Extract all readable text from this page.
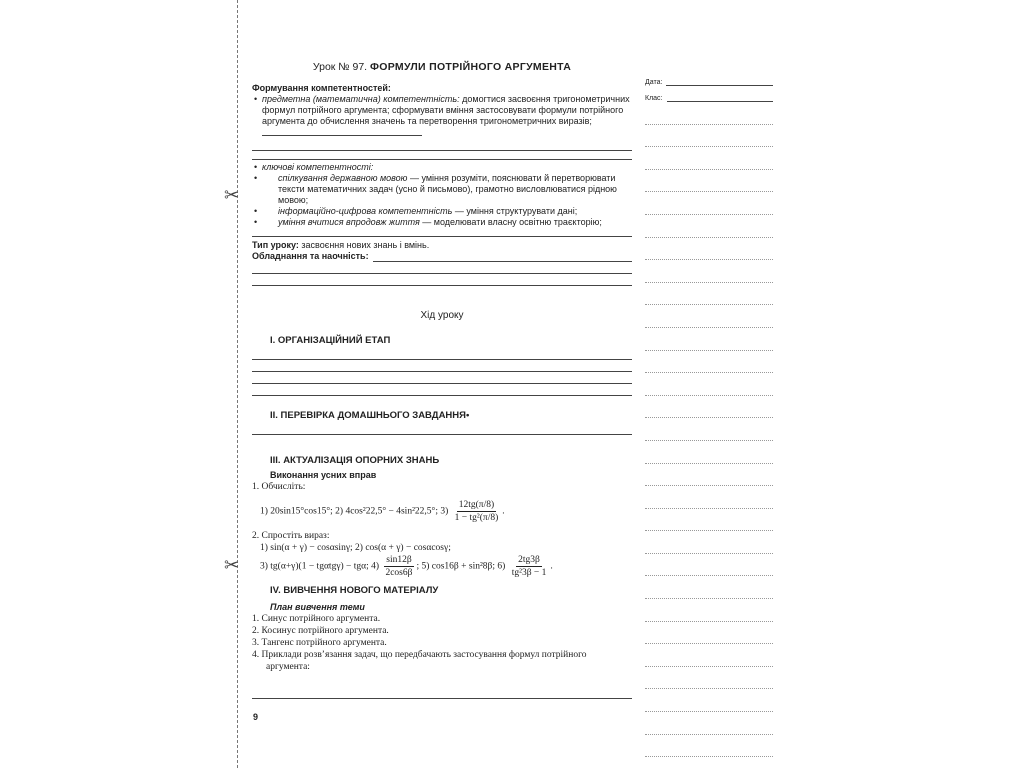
✂
✂
Урок № 97. ФОРМУЛИ ПОТРІЙНОГО АРГУМЕНТА
Формування компетентностей:
• предметна (математична) компетентність: домогтися засвоєння тригонометричних формул потрійного аргумента; сформувати вміння застосовувати формули потрійного аргумента до обчислення значень та перетворення тригонометричних виразів;
• ключові компетентності:
• спілкування державною мовою — уміння розуміти, пояснювати й перетворювати тексти математичних задач (усно й письмово), грамотно висловлюватися рідною мовою;
• інформаційно-цифрова компетентність — уміння структурувати дані;
• уміння вчитися впродовж життя — моделювати власну освітню траєкторію;
Тип уроку: засвоєння нових знань і вмінь.
Обладнання та наочність:
Хід уроку
І. ОРГАНІЗАЦІЙНИЙ ЕТАП
ІІ. ПЕРЕВІРКА ДОМАШНЬОГО ЗАВДАННЯ•
ІІІ. АКТУАЛІЗАЦІЯ ОПОРНИХ ЗНАНЬ
Виконання усних вправ
1. Обчисліть:
1) 20sin15°cos15°; 2) 4cos²22,5° − 4sin²22,5°; $3) \frac{12tg(\pi/8)}{\text{1 − tg²(π/8)}}$ .
2. Спростіть вираз:
1) sin(α + γ) − cosαsinγ; 2) cos(α + γ) − cosαcosγ;
3) tg(α+γ)(1 − tgαtgγ) − tgα; $4) \frac{\sin 12\beta}{2\cos 6\beta}$ ; 5) cos16β + sin²8β; $6) \frac{2tg3\beta}{\text{tg²3β − 1}}$ .
IV. ВИВЧЕННЯ НОВОГО МАТЕРІАЛУ
План вивчення теми
1. Синус потрійного аргумента.
2. Косинус потрійного аргумента.
3. Тангенс потрійного аргумента.
4. Приклади розв’язання задач, що передбачають застосування формул потрійного аргумента:
9
Дата:
Клас:
